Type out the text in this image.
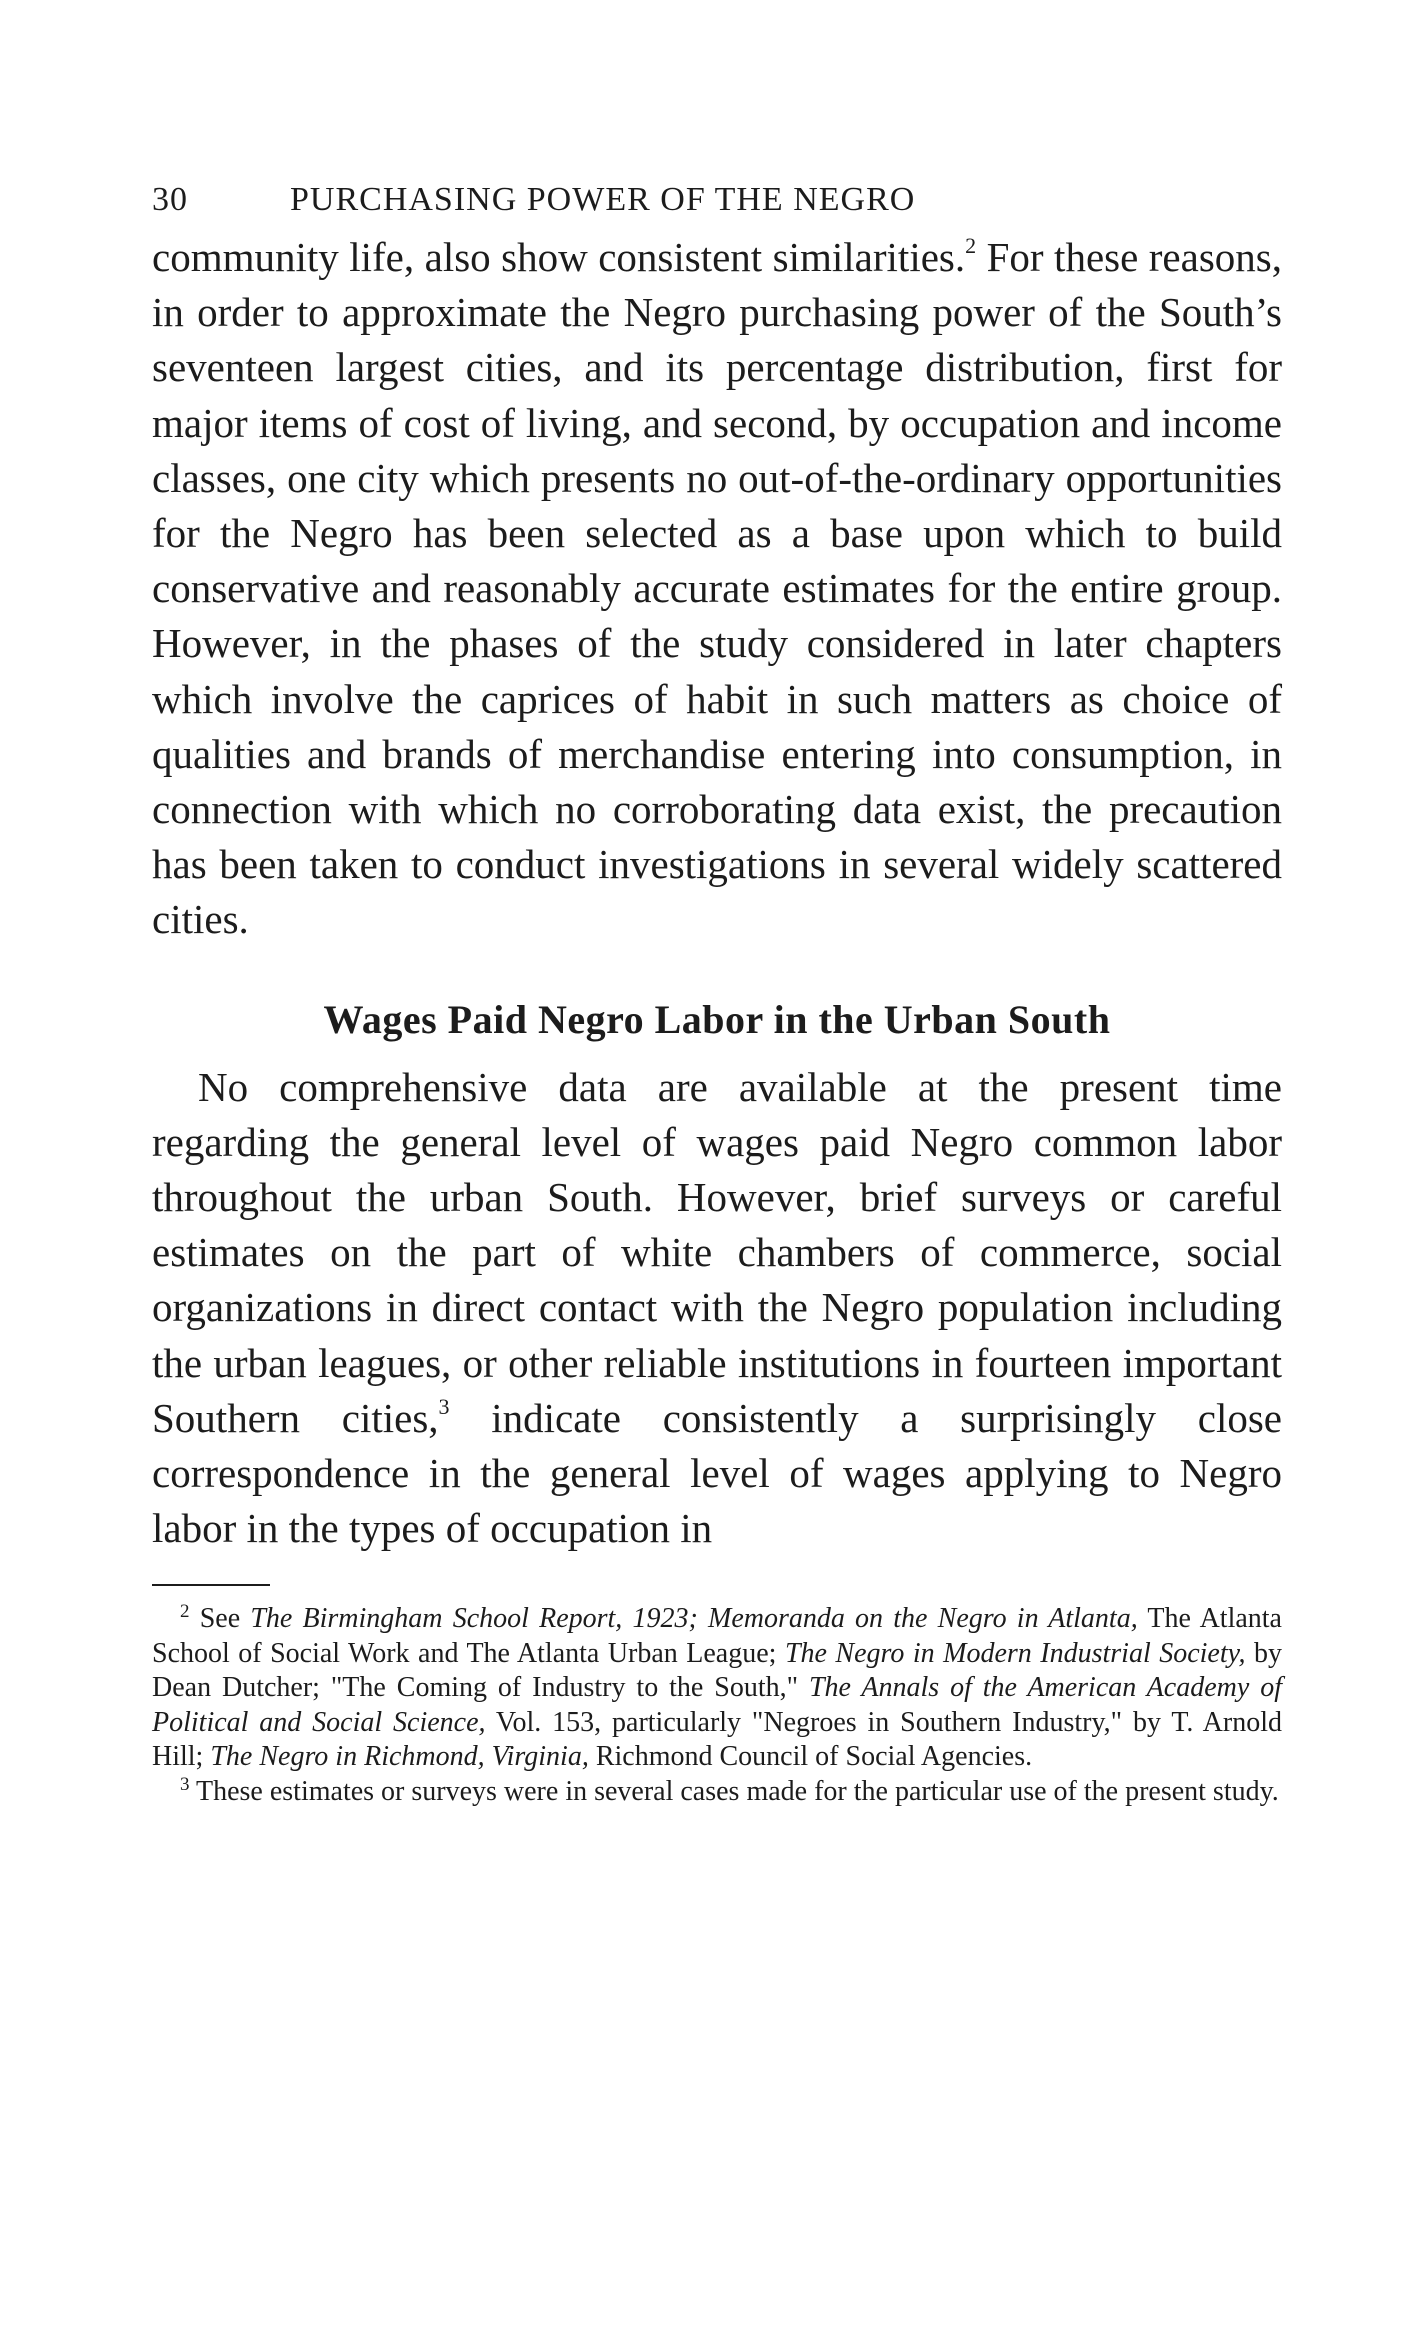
30	PURCHASING POWER OF THE NEGRO

community life, also show consistent similarities.$^2$ For these reasons, in order to approximate the Negro purchasing power of the South’s seventeen largest cities, and its percentage distribution, first for major items of cost of living, and second, by occupation and income classes, one city which presents no out-of-the-ordinary opportunities for the Negro has been selected as a base upon which to build conservative and reasonably accurate estimates for the entire group. However, in the phases of the study considered in later chapters which involve the caprices of habit in such matters as choice of qualities and brands of merchandise entering into consumption, in connection with which no corroborating data exist, the precaution has been taken to conduct investigations in several widely scattered cities.

Wages Paid Negro Labor in the Urban South

No comprehensive data are available at the present time regarding the general level of wages paid Negro common labor throughout the urban South. However, brief surveys or careful estimates on the part of white chambers of commerce, social organizations in direct contact with the Negro population including the urban leagues, or other reliable institutions in fourteen important Southern cities,$^3$ indicate consistently a surprisingly close correspondence in the general level of wages applying to Negro labor in the types of occupation in

$^2$ See The Birmingham School Report, 1923; Memoranda on the Negro in Atlanta, The Atlanta School of Social Work and The Atlanta Urban League; The Negro in Modern Industrial Society, by Dean Dutcher; "The Coming of Industry to the South," The Annals of the American Academy of Political and Social Science, Vol. 153, particularly "Negroes in Southern Industry," by T. Arnold Hill; The Negro in Richmond, Virginia, Richmond Council of Social Agencies.

$^3$ These estimates or surveys were in several cases made for the particular use of the present study.
